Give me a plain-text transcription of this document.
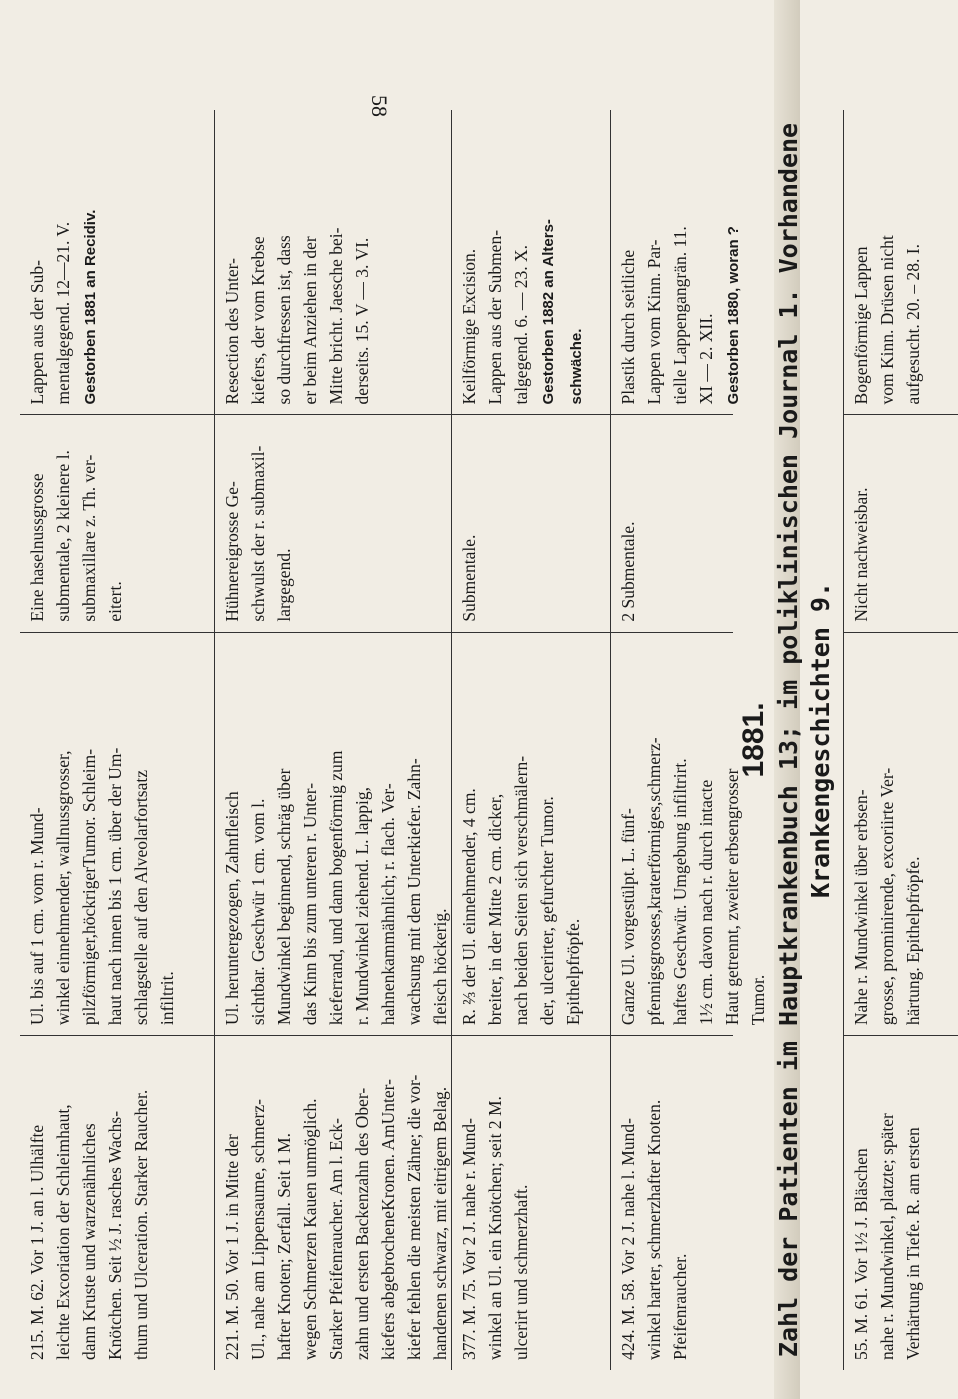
58
215. M. 62. Vor 1 J. an l. Ulhälfte
leichte Excoriation der Schleimhaut,
dann Kruste und warzenähnliches
Knötchen. Seit ½ J. rasches Wachs-
thum und Ulceration. Starker Raucher.
Ul. bis auf 1 cm. vom r. Mund-
winkel einnehmender, wallnussgrosser,
pilzförmiger,höckrigerTumor. Schleim-
haut nach innen bis 1 cm. über der Um-
schlagstelle auf den Alveolarfortsatz
infiltrit.
Eine haselnussgrosse
submentale, 2 kleinere l.
submaxillare z. Th. ver-
eitert.
Lappen aus der Sub-
mentalgegend. 12—21. V. Gestorben 1881 an Recidiv.
221. M. 50. Vor 1 J. in Mitte der
Ul., nahe am Lippensaume, schmerz-
hafter Knoten; Zerfall. Seit 1 M.
wegen Schmerzen Kauen unmöglich.
Starker Pfeifenraucher. Am l. Eck-
zahn und ersten Backenzahn des Ober-
kiefers abgebrocheneKronen. AmUnter-
kiefer fehlen die meisten Zähne; die vor-
handenen schwarz, mit eitrigem Belag.
Ul. heruntergezogen, Zahnfleisch
sichtbar. Geschwür 1 cm. vom l.
Mundwinkel beginnend, schräg über
das Kinn bis zum unteren r. Unter-
kieferrand, und dann bogenförmig zum
r. Mundwinkel ziehend. L. lappig,
hahnenkammähnlich; r. flach. Ver-
wachsung mit dem Unterkiefer. Zahn-
fleisch höckerig.
Hühnereigrosse Ge-
schwulst der r. submaxil-
largegend.
Resection des Unter-
kiefers, der vom Krebse
so durchfressen ist, dass
er beim Anziehen in der
Mitte bricht. Jaesche bei-
derseits. 15. V — 3. VI.
377. M. 75. Vor 2 J. nahe r. Mund-
winkel an Ul. ein Knötchen; seit 2 M.
ulcerirt und schmerzhaft.
R. ⅔ der Ul. einnehmender, 4 cm.
breiter, in der Mitte 2 cm. dicker,
nach beiden Seiten sich verschmälern-
der, ulcerirter, gefurchter Tumor.
Epithelpfröpfe.
Submentale.
Keilförmige Excision.
Lappen aus der Submen-
talgegend. 6. — 23. X.
Gestorben 1882 an Alters-
schwäche.
424. M. 58. Vor 2 J. nahe l. Mund-
winkel harter, schmerzhafter Knoten.
Pfeifenraucher.
Ganze Ul. vorgestülpt. L. fünf-
pfennigsgrosses,kraterförmiges,schmerz-
haftes Geschwür. Umgebung infiltrirt.
1½ cm. davon nach r. durch intacte
Haut getrennt, zweiter erbsengrosser
Tumor.
2 Submentale.
Plastik durch seitliche
Lappen vom Kinn. Par-
tielle Lappengangrän. 11.
XI — 2. XII. Gestorben 1880, woran ?
1881. Zahl der Patienten im Hauptkrankenbuch 13; im poliklinischen Journal 1. Vorhandene Krankengeschichten 9.
55. M. 61. Vor 1½ J. Bläschen
nahe r. Mundwinkel, platzte; später
Verhärtung in Tiefe. R. am ersten
Nahe r. Mundwinkel über erbsen-
grosse, prominirende, excoriirte Ver-
härtung. Epithelpfröpfe.
Nicht nachweisbar.
Bogenförmige Lappen
vom Kinn. Drüsen nicht
aufgesucht. 20. – 28. I.
